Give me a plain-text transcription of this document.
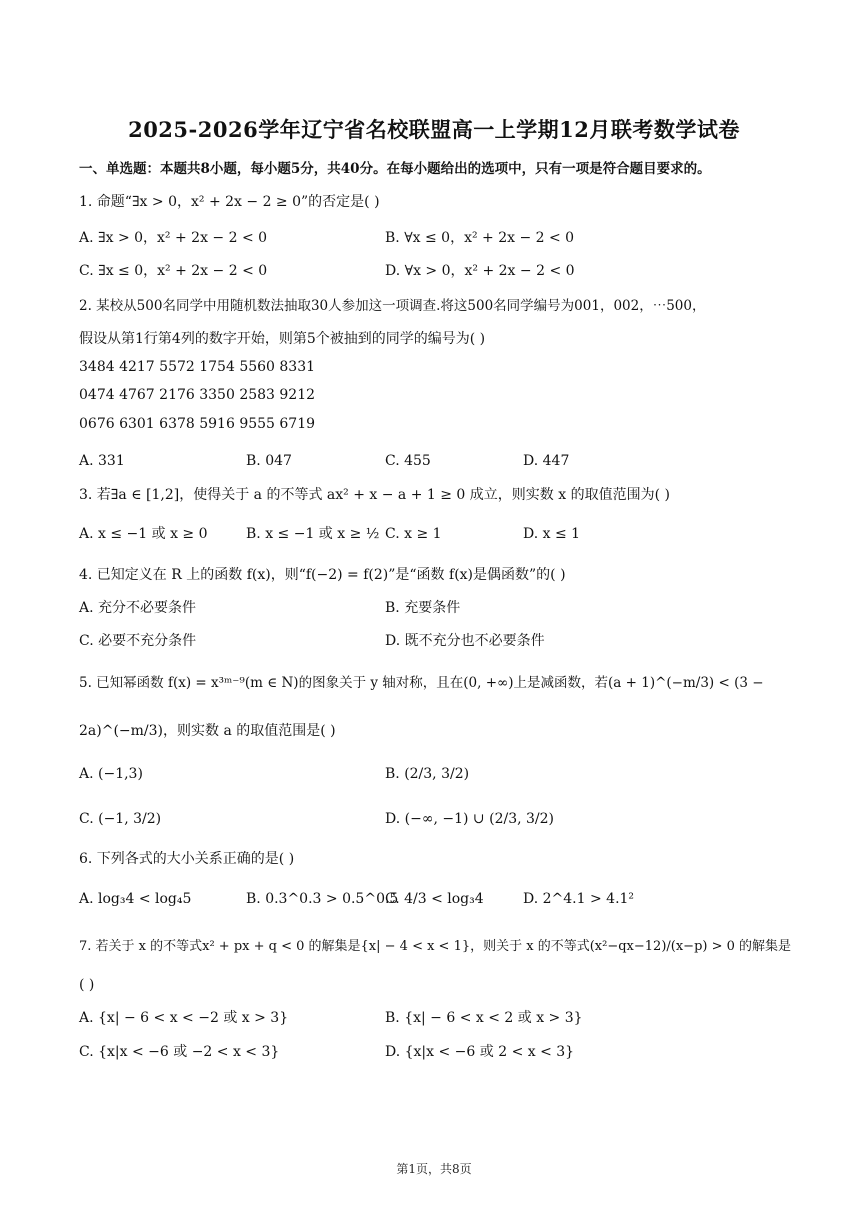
2025-2026学年辽宁省名校联盟高一上学期12月联考数学试卷
一、单选题：本题共8小题，每小题5分，共40分。在每小题给出的选项中，只有一项是符合题目要求的。
1. 命题“∃x > 0，x² + 2x − 2 ≥ 0”的否定是( )
A. ∃x > 0，x² + 2x − 2 < 0	B. ∀x ≤ 0，x² + 2x − 2 < 0
C. ∃x ≤ 0，x² + 2x − 2 < 0	D. ∀x > 0，x² + 2x − 2 < 0
2. 某校从500名同学中用随机数法抽取30人参加这一项调查.将这500名同学编号为001，002，⋯500，
假设从第1行第4列的数字开始，则第5个被抽到的同学的编号为( )
3484 4217 5572 1754 5560 8331
0474 4767 2176 3350 2583 9212
0676 6301 6378 5916 9555 6719
A. 331	B. 047	C. 455	D. 447
3. 若∃a ∈ [1,2]，使得关于 a 的不等式 ax² + x − a + 1 ≥ 0 成立，则实数 x 的取值范围为( )
A. x ≤ −1 或 x ≥ 0	B. x ≤ −1 或 x ≥ ½ C. x ≥ 1	D. x ≤ 1
4. 已知定义在 R 上的函数 f(x)，则“f(−2) = f(2)”是“函数 f(x)是偶函数”的( )
A. 充分不必要条件	B. 充要条件
C. 必要不充分条件	D. 既不充分也不必要条件
5. 已知幂函数 f(x) = x³ᵐ⁻⁹(m ∈ N)的图象关于 y 轴对称，且在(0, +∞)上是减函数，若(a + 1)^(−m/3) < (3 −
2a)^(−m/3)，则实数 a 的取值范围是( )
A. (−1,3)	B. (2/3, 3/2)
C. (−1, 3/2)	D. (−∞, −1) ∪ (2/3, 3/2)
6. 下列各式的大小关系正确的是( )
A. log₃4 < log₄5	B. 0.3^0.3 > 0.5^0.5
C. 4/3 < log₃4	D. 2^4.1 > 4.1²
7. 若关于 x 的不等式x² + px + q < 0 的解集是{x| − 4 < x < 1}，则关于 x 的不等式(x²−qx−12)/(x−p) > 0 的解集是
( )
A. {x| − 6 < x < −2 或 x > 3}	B. {x| − 6 < x < 2 或 x > 3}
C. {x|x < −6 或 −2 < x < 3}	D. {x|x < −6 或 2 < x < 3}
第1页，共8页
